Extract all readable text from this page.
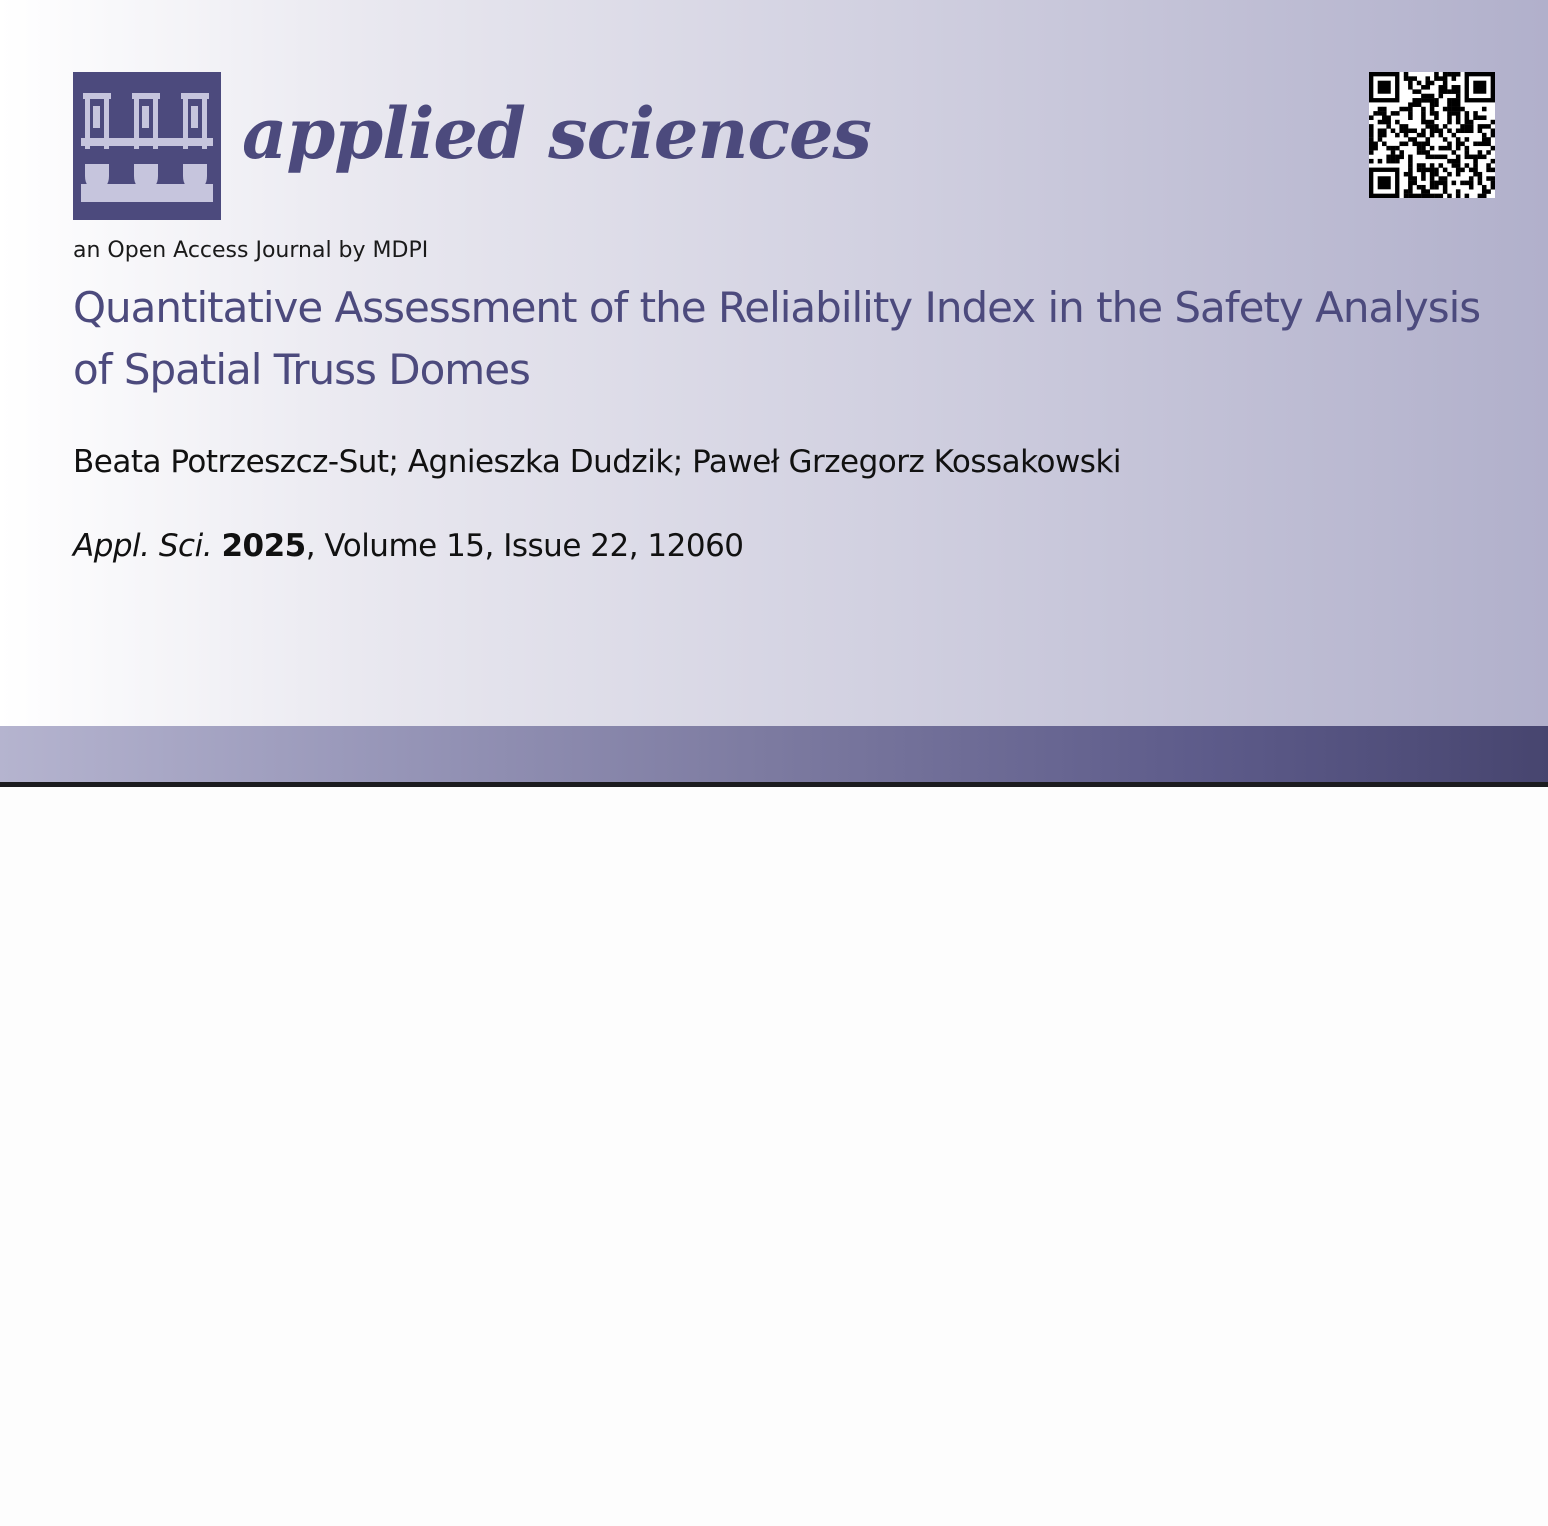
applied sciences
an Open Access Journal by MDPI
Quantitative Assessment of the Reliability Index in the Safety Analysis of Spatial Truss Domes
Beata Potrzeszcz-Sut; Agnieszka Dudzik; Paweł Grzegorz Kossakowski
Appl. Sci. 2025, Volume 15, Issue 22, 12060
